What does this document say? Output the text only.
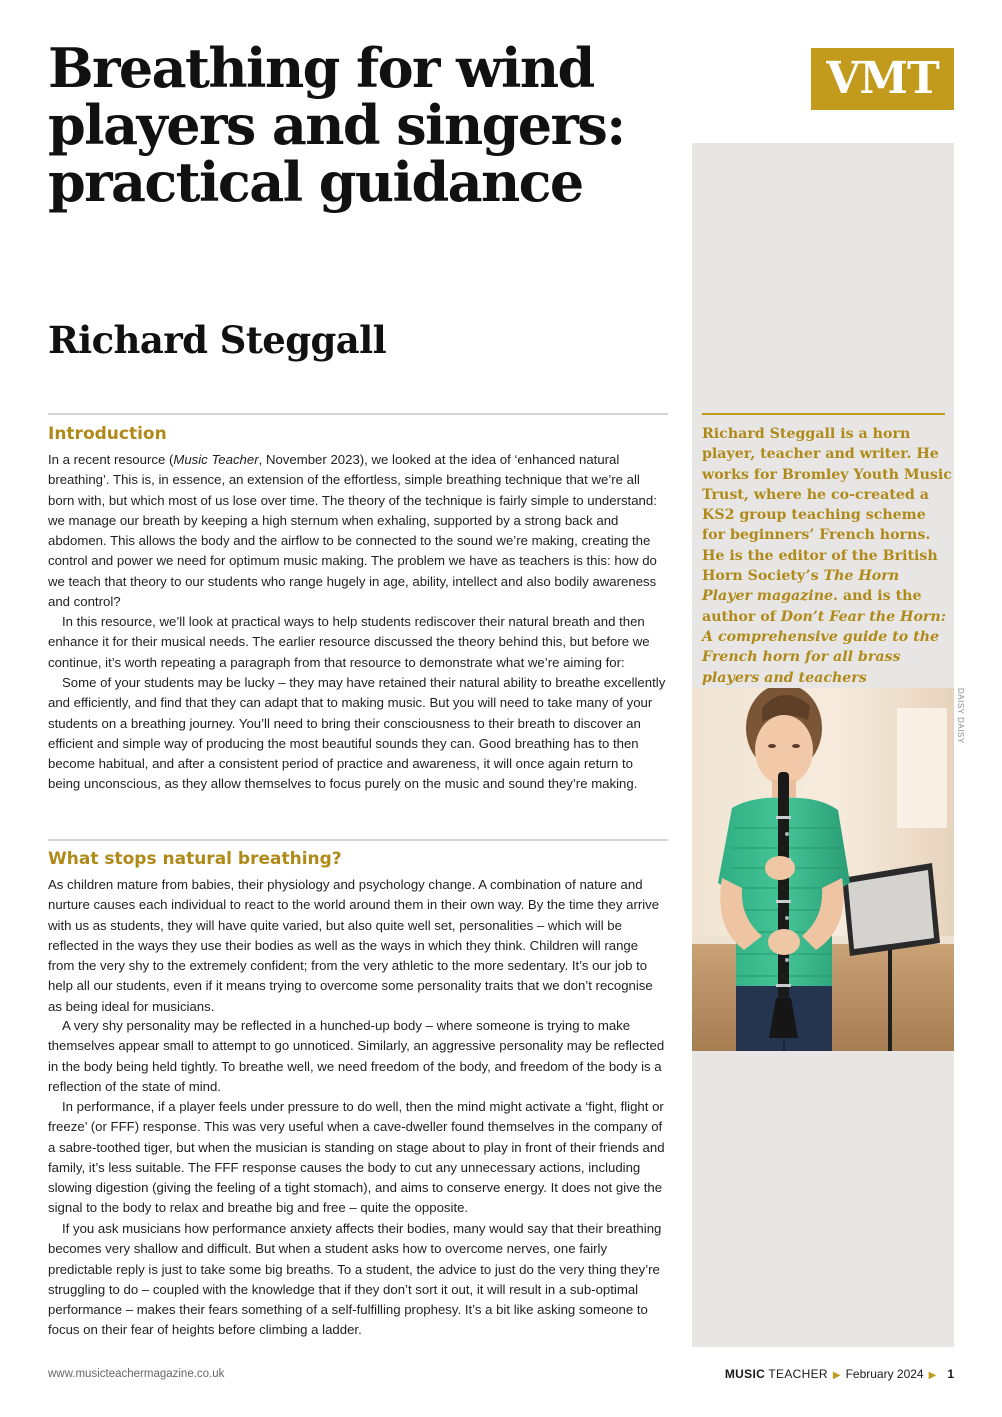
Breathing for wind players and singers: practical guidance
Richard Steggall
VMT

Richard Steggall is a horn player, teacher and writer. He works for Bromley Youth Music Trust, where he co-created a KS2 group teaching scheme for beginners’ French horns. He is the editor of the British Horn Society’s The Horn Player magazine. and is the author of Don’t Fear the Horn: A comprehensive guide to the French horn for all brass players and teachers

DAISY DAISY
Introduction

In a recent resource (Music Teacher, November 2023), we looked at the idea of ‘enhanced natural breathing’. This is, in essence, an extension of the effortless, simple breathing technique that we’re all born with, but which most of us lose over time. The theory of the technique is fairly simple to understand: we manage our breath by keeping a high sternum when exhaling, supported by a strong back and abdomen. This allows the body and the airflow to be connected to the sound we’re making, creating the control and power we need for optimum music making. The problem we have as teachers is this: how do we teach that theory to our students who range hugely in age, ability, intellect and also bodily awareness and control?

In this resource, we’ll look at practical ways to help students rediscover their natural breath and then enhance it for their musical needs. The earlier resource discussed the theory behind this, but before we continue, it’s worth repeating a paragraph from that resource to demonstrate what we’re aiming for:

Some of your students may be lucky – they may have retained their natural ability to breathe excellently and efficiently, and find that they can adapt that to making music. But you will need to take many of your students on a breathing journey. You’ll need to bring their consciousness to their breath to discover an efficient and simple way of producing the most beautiful sounds they can. Good breathing has to then become habitual, and after a consistent period of practice and awareness, it will once again return to being unconscious, as they allow themselves to focus purely on the music and sound they’re making.

What stops natural breathing?

As children mature from babies, their physiology and psychology change. A combination of nature and nurture causes each individual to react to the world around them in their own way. By the time they arrive with us as students, they will have quite varied, but also quite well set, personalities – which will be reflected in the ways they use their bodies as well as the ways in which they think. Children will range from the very shy to the extremely confident; from the very athletic to the more sedentary. It’s our job to help all our students, even if it means trying to overcome some personality traits that we don’t recognise as being ideal for musicians.

A very shy personality may be reflected in a hunched-up body – where someone is trying to make themselves appear small to attempt to go unnoticed. Similarly, an aggressive personality may be reflected in the body being held tightly. To breathe well, we need freedom of the body, and freedom of the body is a reflection of the state of mind.

In performance, if a player feels under pressure to do well, then the mind might activate a ‘fight, flight or freeze’ (or FFF) response. This was very useful when a cave-dweller found themselves in the company of a sabre-toothed tiger, but when the musician is standing on stage about to play in front of their friends and family, it’s less suitable. The FFF response causes the body to cut any unnecessary actions, including slowing digestion (giving the feeling of a tight stomach), and aims to conserve energy. It does not give the signal to the body to relax and breathe big and free – quite the opposite.

If you ask musicians how performance anxiety affects their bodies, many would say that their breathing becomes very shallow and difficult. But when a student asks how to overcome nerves, one fairly predictable reply is just to take some big breaths. To a student, the advice to just do the very thing they’re struggling to do – coupled with the knowledge that if they don’t sort it out, it will result in a sub-optimal performance – makes their fears something of a self-fulfilling prophesy. It’s a bit like asking someone to focus on their fear of heights before climbing a ladder.

www.musicteachermagazine.co.uk	MUSIC TEACHER ▶ February 2024 ▶ 1
